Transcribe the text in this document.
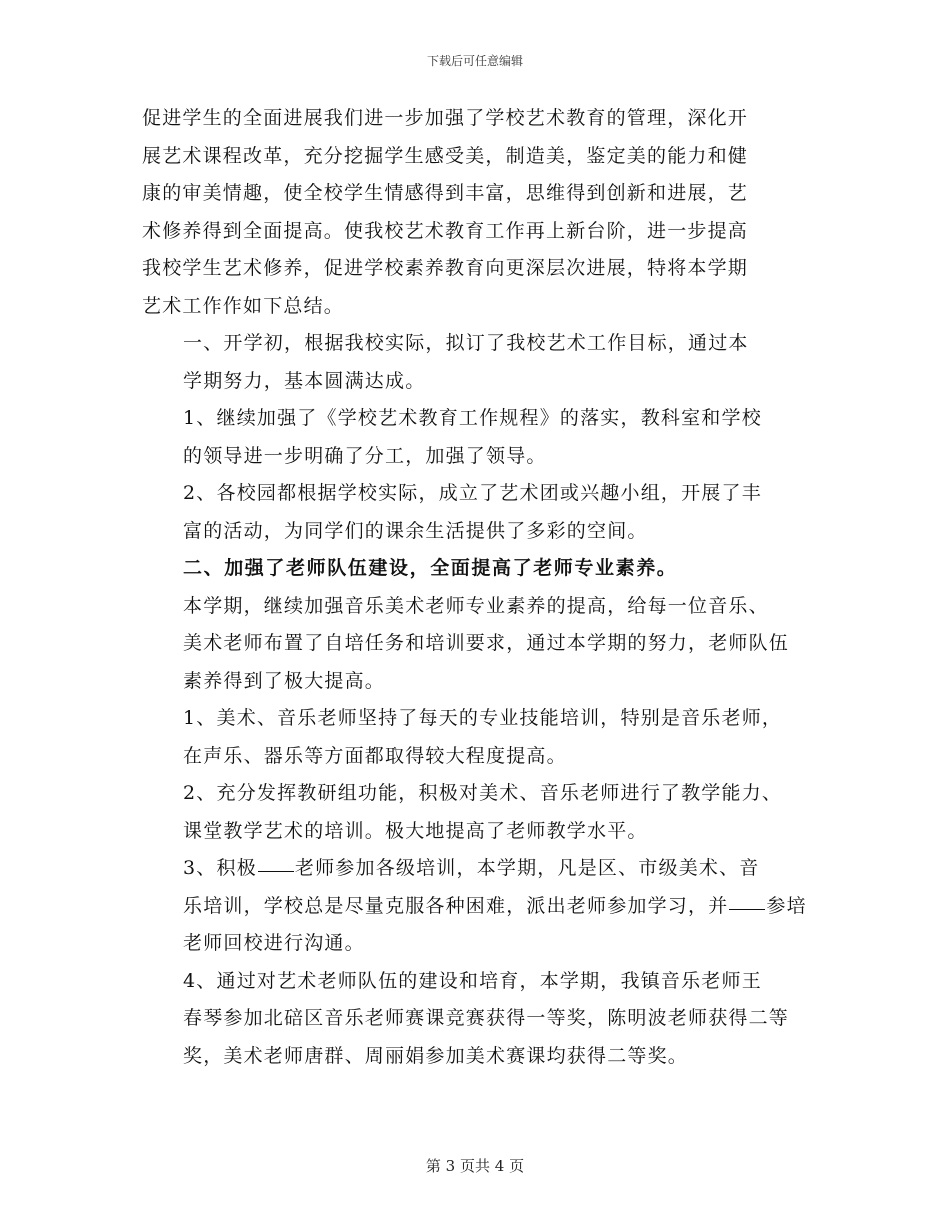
下载后可任意编辑

促进学生的全面进展我们进一步加强了学校艺术教育的管理，深化开
展艺术课程改革，充分挖掘学生感受美，制造美，鉴定美的能力和健
康的审美情趣，使全校学生情感得到丰富，思维得到创新和进展，艺
术修养得到全面提高。使我校艺术教育工作再上新台阶，进一步提高
我校学生艺术修养，促进学校素养教育向更深层次进展，特将本学期
艺术工作作如下总结。

一、开学初，根据我校实际，拟订了我校艺术工作目标，通过本
学期努力，基本圆满达成。

1、继续加强了《学校艺术教育工作规程》的落实，教科室和学校
的领导进一步明确了分工，加强了领导。

2、各校园都根据学校实际，成立了艺术团或兴趣小组，开展了丰
富的活动，为同学们的课余生活提供了多彩的空间。

二、加强了老师队伍建设，全面提高了老师专业素养。

本学期，继续加强音乐美术老师专业素养的提高，给每一位音乐、
美术老师布置了自培任务和培训要求，通过本学期的努力，老师队伍
素养得到了极大提高。

1、美术、音乐老师坚持了每天的专业技能培训，特别是音乐老师，
在声乐、器乐等方面都取得较大程度提高。

2、充分发挥教研组功能，积极对美术、音乐老师进行了教学能力、
课堂教学艺术的培训。极大地提高了老师教学水平。

3、积极 老师参加各级培训，本学期，凡是区、市级美术、音
乐培训，学校总是尽量克服各种困难，派出老师参加学习，并 参培
老师回校进行沟通。

4、通过对艺术老师队伍的建设和培育，本学期，我镇音乐老师王
春琴参加北碚区音乐老师赛课竞赛获得一等奖，陈明波老师获得二等
奖，美术老师唐群、周丽娟参加美术赛课均获得二等奖。

第 3 页共 4 页
